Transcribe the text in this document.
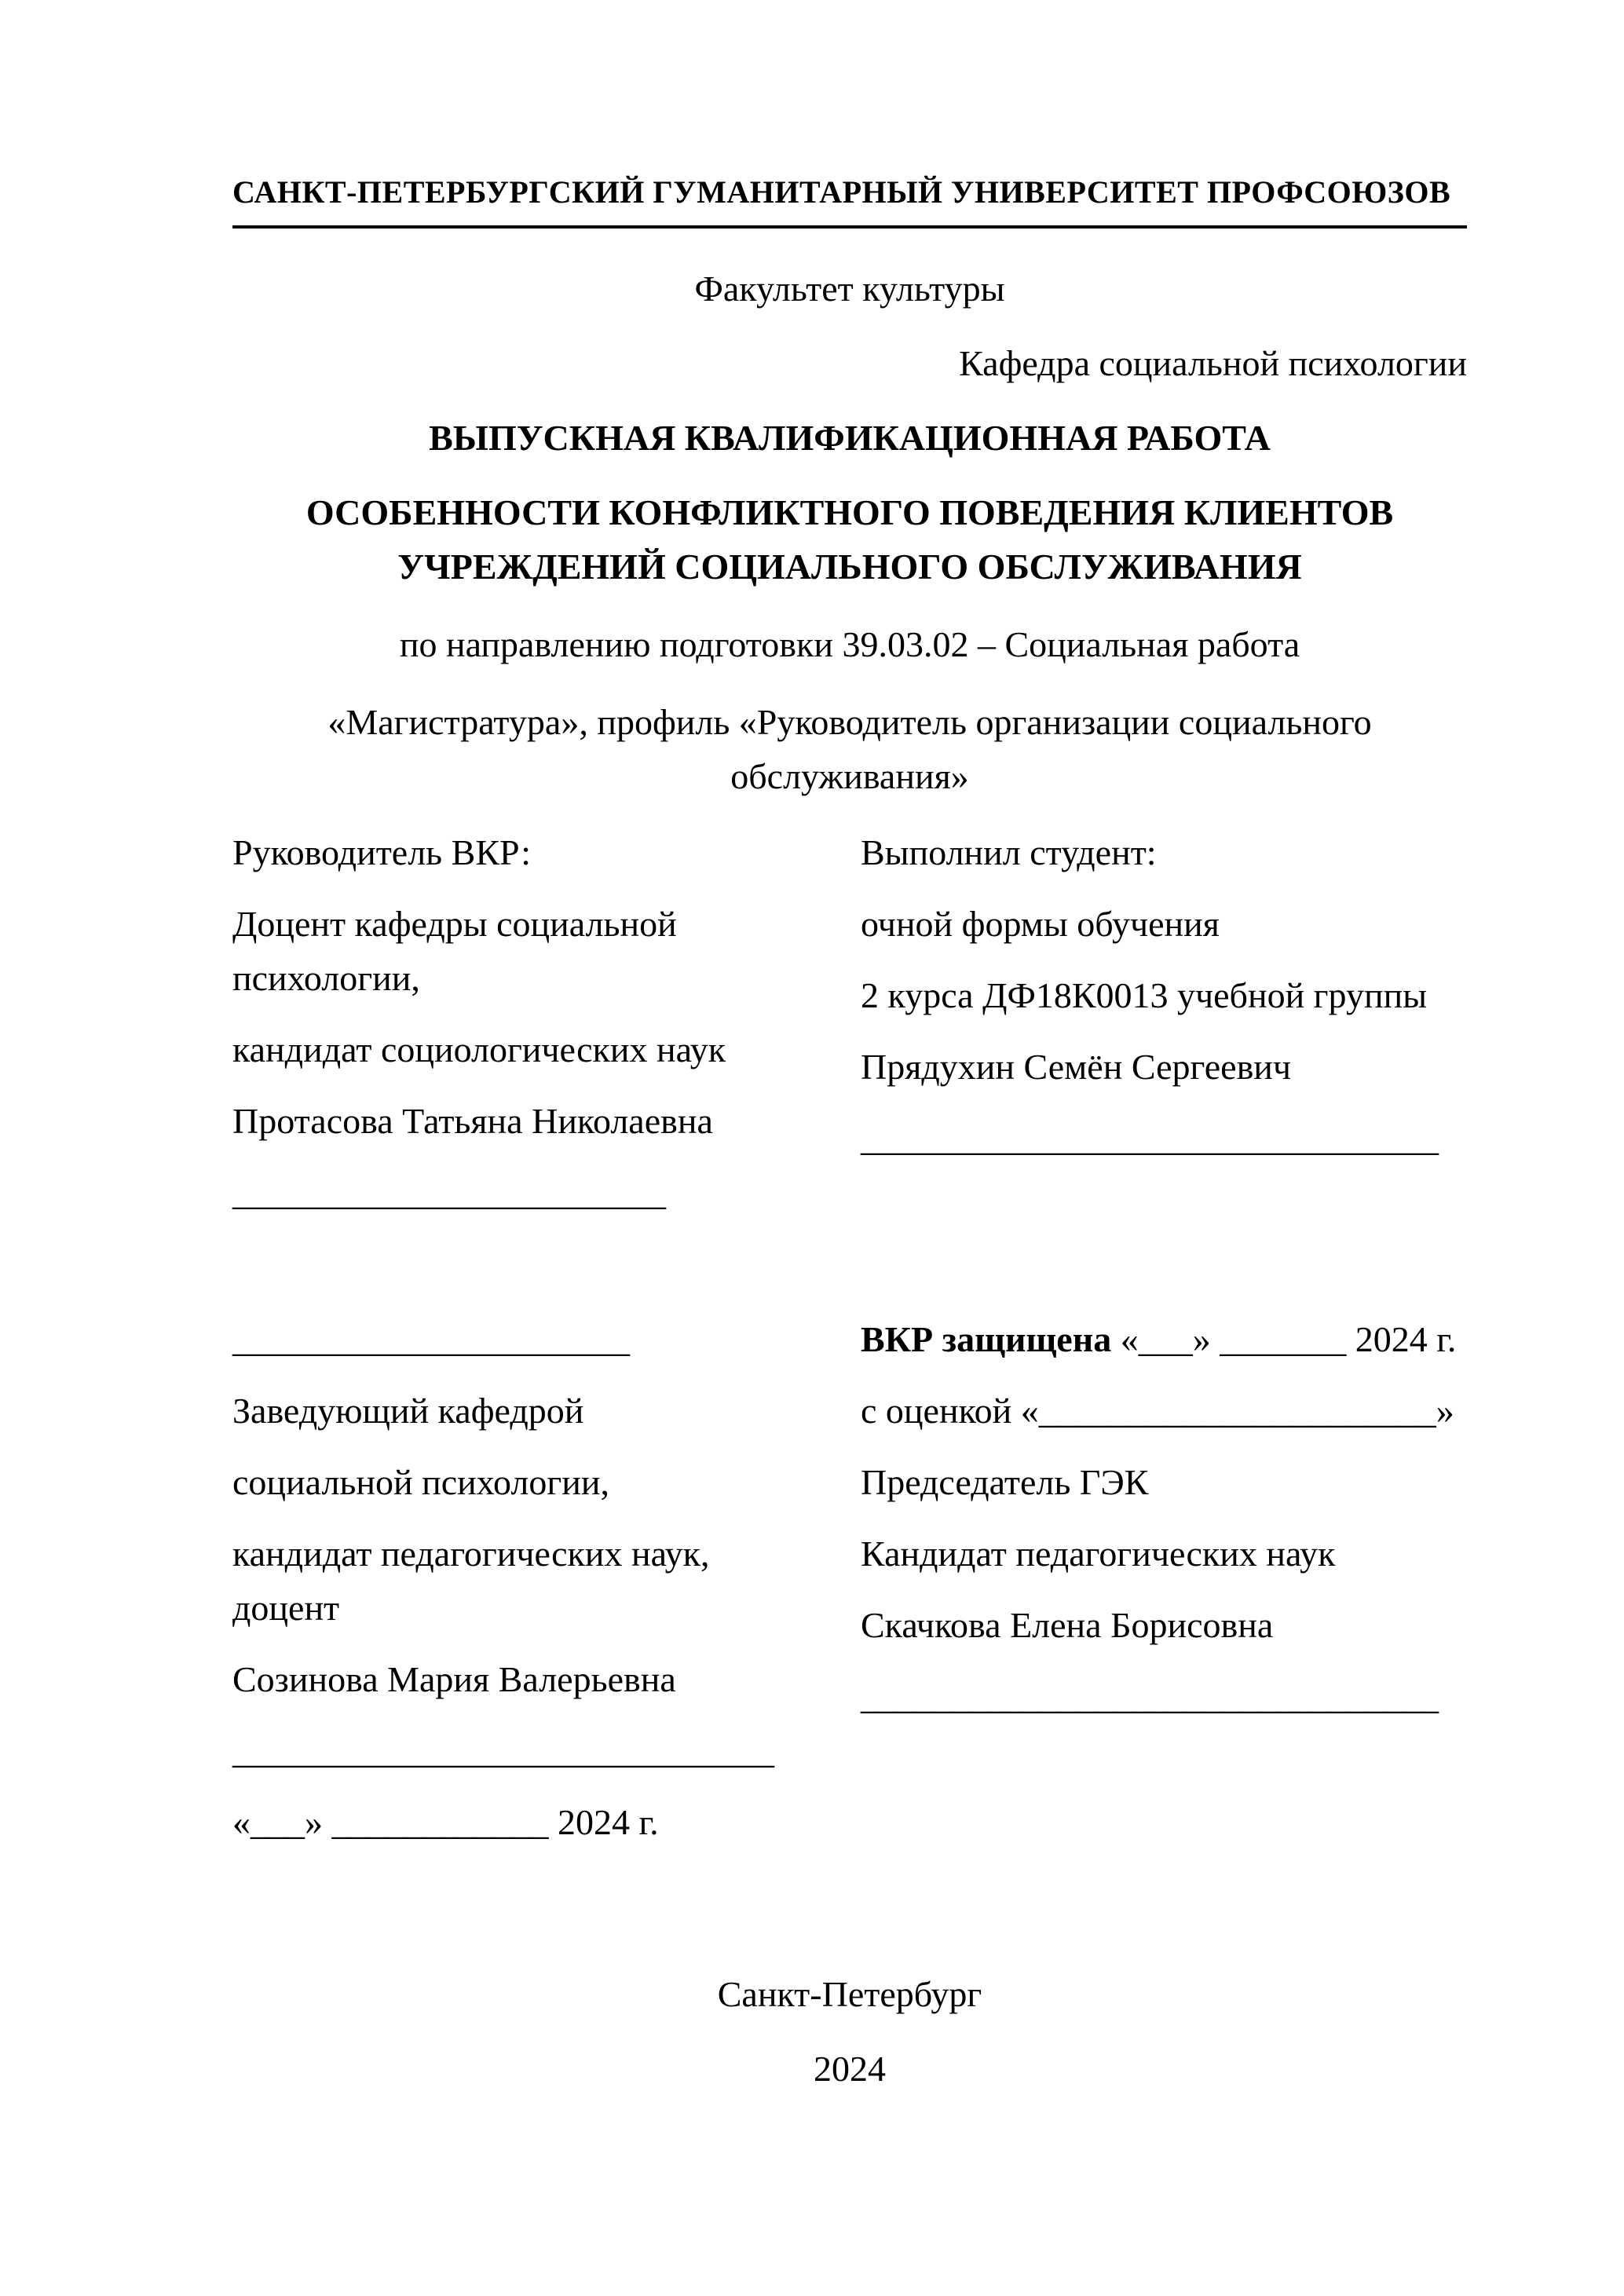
САНКТ-ПЕТЕРБУРГСКИЙ ГУМАНИТАРНЫЙ УНИВЕРСИТЕТ ПРОФСОЮЗОВ

Факультет культуры

Кафедра социальной психологии

ВЫПУСКНАЯ КВАЛИФИКАЦИОННАЯ РАБОТА

ОСОБЕННОСТИ КОНФЛИКТНОГО ПОВЕДЕНИЯ КЛИЕНТОВ УЧРЕЖДЕНИЙ СОЦИАЛЬНОГО ОБСЛУЖИВАНИЯ

по направлению подготовки 39.03.02 – Социальная работа

«Магистратура», профиль «Руководитель организации социального обслуживания»

Руководитель ВКР:

Доцент кафедры социальной психологии,

кандидат социологических наук

Протасова Татьяна Николаевна

________________________

Выполнил студент:

очной формы обучения

2 курса ДФ18К0013 учебной группы

Прядухин Семён Сергеевич

________________________________

______________________

Заведующий кафедрой

социальной психологии,

кандидат педагогических наук, доцент

Созинова Мария Валерьевна

______________________________

«___» ____________ 2024 г.

ВКР защищена «___» _______ 2024 г.

с оценкой «______________________»

Председатель ГЭК

Кандидат педагогических наук

Скачкова Елена Борисовна

________________________________

Санкт-Петербург

2024
